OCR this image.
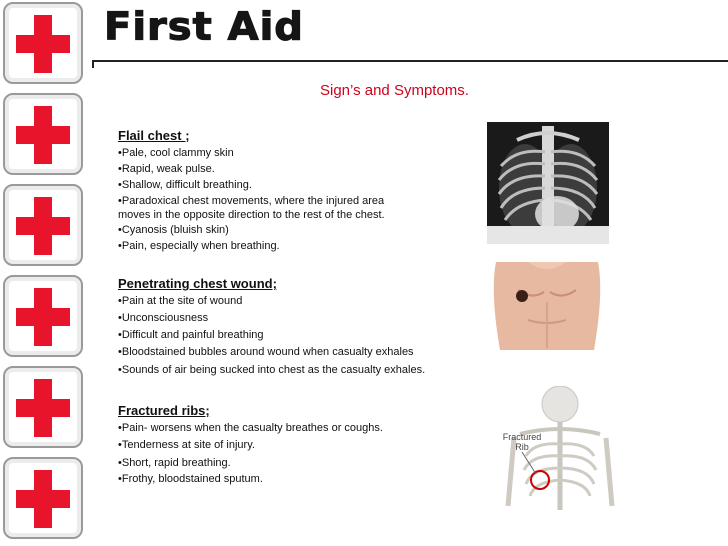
First Aid
Sign’s and Symptoms.
Flail chest ;
•Pale, cool clammy skin
•Rapid, weak pulse.
•Shallow, difficult breathing.
•Paradoxical chest movements, where the injured area
moves in the opposite direction to the rest of the chest.
•Cyanosis (bluish skin)
•Pain, especially when breathing.
Penetrating chest wound;
•Pain at the site of wound
•Unconsciousness
•Difficult and painful breathing
•Bloodstained bubbles around wound when casualty exhales
•Sounds of air being sucked into chest as the casualty exhales.
Fractured ribs;
•Pain- worsens when the casualty breathes or coughs.
•Tenderness at site of injury.
•Short, rapid breathing.
•Frothy, bloodstained sputum.
Fractured Rib
